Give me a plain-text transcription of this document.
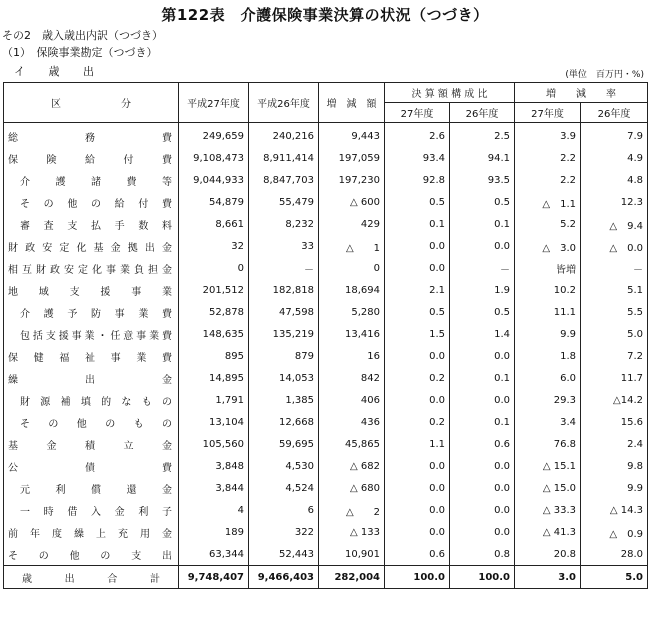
第122表　介護保険事業決算の状況（つづき）
その2　歳入歳出内訳（つづき）
（1）　保険事業勘定（つづき）
イ 歳 出	(単位　百万円・%)
区　　　　　　分	平成27年度	平成26年度	増　減　額	決 算 額 構 成 比		増　　減　　率	
				27年度	26年度	27年度	26年度
総務費	249,659	240,216	9,443	2.6	2.5	3.9	7.9
保険給付費	9,108,473	8,911,414	197,059	93.4	94.1	2.2	4.9
介護諸費等	9,044,933	8,847,703	197,230	92.8	93.5	2.2	4.8
その他の給付費	54,879	55,479	△ 600	0.5	0.5	△　1.1	12.3
審査支払手数料	8,661	8,232	429	0.1	0.1	5.2	△　9.4
財政安定化基金拠出金	32	33	△　　1	0.0	0.0	△　3.0	△　0.0
相互財政安定化事業負担金	0	－	0	0.0	－	皆増	－
地域支援事業	201,512	182,818	18,694	2.1	1.9	10.2	5.1
介護予防事業費	52,878	47,598	5,280	0.5	0.5	11.1	5.5
包括支援事業・任意事業費	148,635	135,219	13,416	1.5	1.4	9.9	5.0
保健福祉事業費	895	879	16	0.0	0.0	1.8	7.2
繰出金	14,895	14,053	842	0.2	0.1	6.0	11.7
財源補填的なもの	1,791	1,385	406	0.0	0.0	29.3	△14.2
その他のもの	13,104	12,668	436	0.2	0.1	3.4	15.6
基金積立金	105,560	59,695	45,865	1.1	0.6	76.8	2.4
公債費	3,848	4,530	△ 682	0.0	0.0	△ 15.1	9.8
元利償還金	3,844	4,524	△ 680	0.0	0.0	△ 15.0	9.9
一時借入金利子	4	6	△　　2	0.0	0.0	△ 33.3	△ 14.3
前年度繰上充用金	189	322	△ 133	0.0	0.0	△ 41.3	△　0.9
その他の支出	63,344	52,443	10,901	0.6	0.8	20.8	28.0
歳出合計	9,748,407	9,466,403	282,004	100.0	100.0	3.0	5.0
